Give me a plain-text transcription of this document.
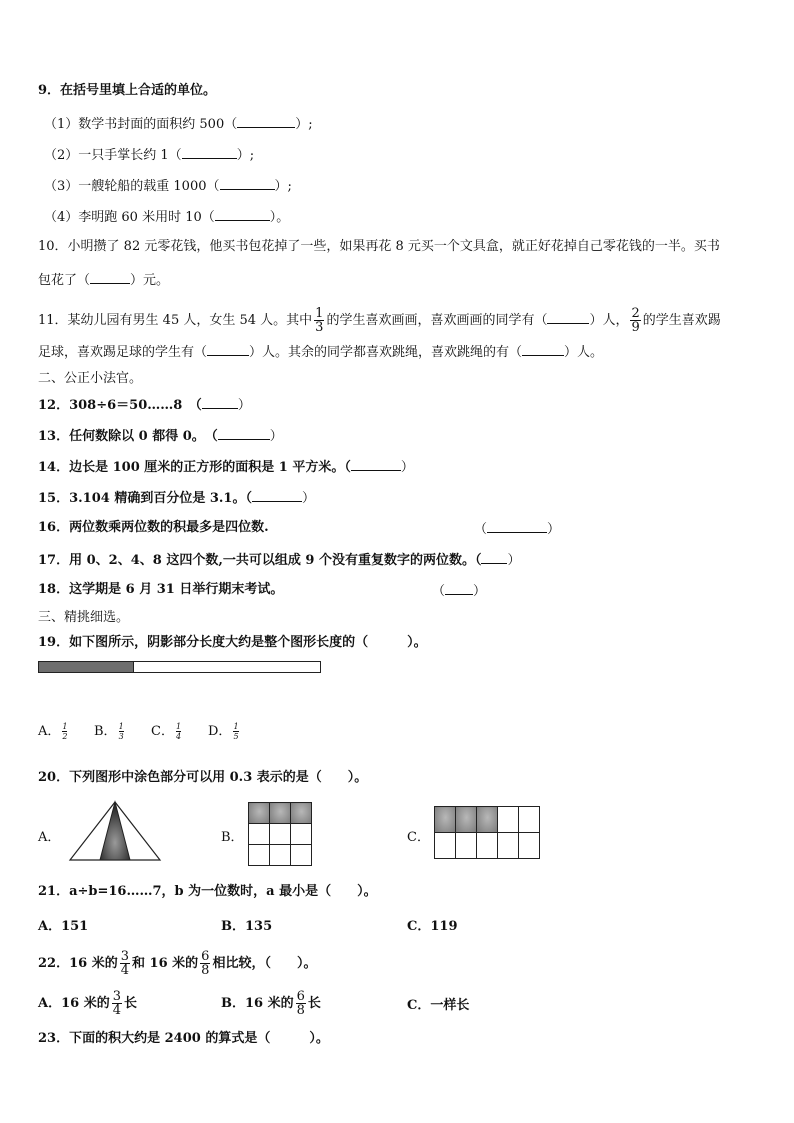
9．在括号里填上合适的单位。
（1）数学书封面的面积约 500（	）;
（2）一只手掌长约 1（	）;
（3）一艘轮船的载重 1000（	）;
（4）李明跑 60 米用时 10（	）。
10．小明攒了 82 元零花钱，他买书包花掉了一些，如果再花 8 元买一个文具盒，就正好花掉自己零花钱的一半。买书
包花了（	）元。
11．某幼儿园有男生 45 人，女生 54 人。其中 $\frac{1}{3}$ 的学生喜欢画画，喜欢画画的同学有（	）人， $\frac{2}{9}$ 的学生喜欢踢
足球，喜欢踢足球的学生有（	）人。其余的同学都喜欢跳绳，喜欢跳绳的有（	）人。
二、公正小法官。
12．308÷6＝50……8　（	）
13．任何数除以 0 都得 0。　（	）
14．边长是 100 厘米的正方形的面积是 1 平方米。（	）
15．3.104 精确到百分位是 3.1。（	）
16．两位数乘两位数的积最多是四位数.	（	）
17．用 0、2、4、8 这四个数,一共可以组成 9 个没有重复数字的两位数。（ ）
18．这学期是 6 月 31 日举行期末考试。	（ ）
三、精挑细选。
19．如下图所示，阴影部分长度大约是整个图形长度的（　　　）。
A． $\frac{1}{2}$ B． $\frac{1}{3}$ C． $\frac{1}{4}$ D． $\frac{1}{5}$
20．下列图形中涂色部分可以用 0.3 表示的是（　　）。
A．	B．

			C．

21．a÷b=16……7，b 为一位数时，a 最小是（　　）。
A．151	B．135	C．119
22．16 米的 $\frac{3}{4}$ 和 16 米的 $\frac{6}{8}$ 相比较，（　　）。
A．16 米的 $\frac{3}{4}$ 长	B．16 米的 $\frac{6}{8}$ 长	C．一样长
23．下面的积大约是 2400 的算式是（　　　）。
